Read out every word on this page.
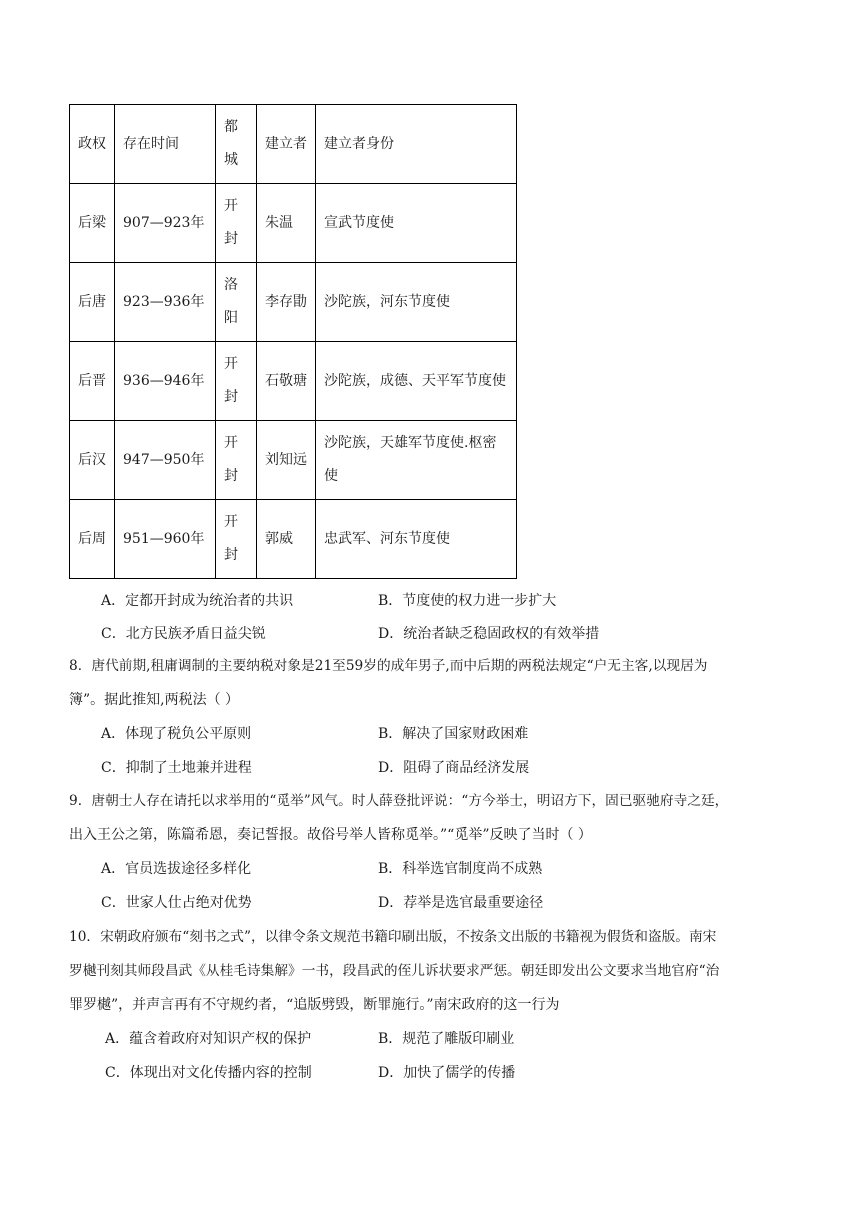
政权	存在时间	都城	建立者	建立者身份
后梁	907—923年	开封	朱温	宣武节度使
后唐	923—936年	洛阳	李存勖	沙陀族，河东节度使
后晋	936—946年	开封	石敬瑭	沙陀族，成德、天平军节度使
后汉	947—950年	开封	刘知远	沙陀族，天雄军节度使.枢密使
后周	951—960年	开封	郭威	忠武军、河东节度使
A．定都开封成为统治者的共识	B．节度使的权力进一步扩大
C．北方民族矛盾日益尖锐	D．统治者缺乏稳固政权的有效举措
8．唐代前期,租庸调制的主要纳税对象是21至59岁的成年男子,而中后期的两税法规定“户无主客,以现居为
簿”。据此推知,两税法（ ）
A．体现了税负公平原则	B．解决了国家财政困难
C．抑制了土地兼并进程	D．阻碍了商品经济发展
9．唐朝士人存在请托以求举用的“觅举”风气。时人薛登批评说：“方今举士，明诏方下，固已驱驰府寺之廷，
出入王公之第，陈篇希恩，奏记誓报。故俗号举人皆称觅举。”“觅举”反映了当时（ ）
A．官员选拔途径多样化	B．科举选官制度尚不成熟
C．世家人仕占绝对优势	D．荐举是选官最重要途径
10．宋朝政府颁布“刻书之式”，以律令条文规范书籍印刷出版，不按条文出版的书籍视为假货和盗版。南宋
罗樾刊刻其师段昌武《从桂毛诗集解》一书，段昌武的侄儿诉状要求严惩。朝廷即发出公文要求当地官府“治
罪罗樾”，并声言再有不守规约者，“追版劈毁，断罪施行。”南宋政府的这一行为
A．蕴含着政府对知识产权的保护	B．规范了雕版印刷业
C．体现出对文化传播内容的控制	D．加快了儒学的传播
